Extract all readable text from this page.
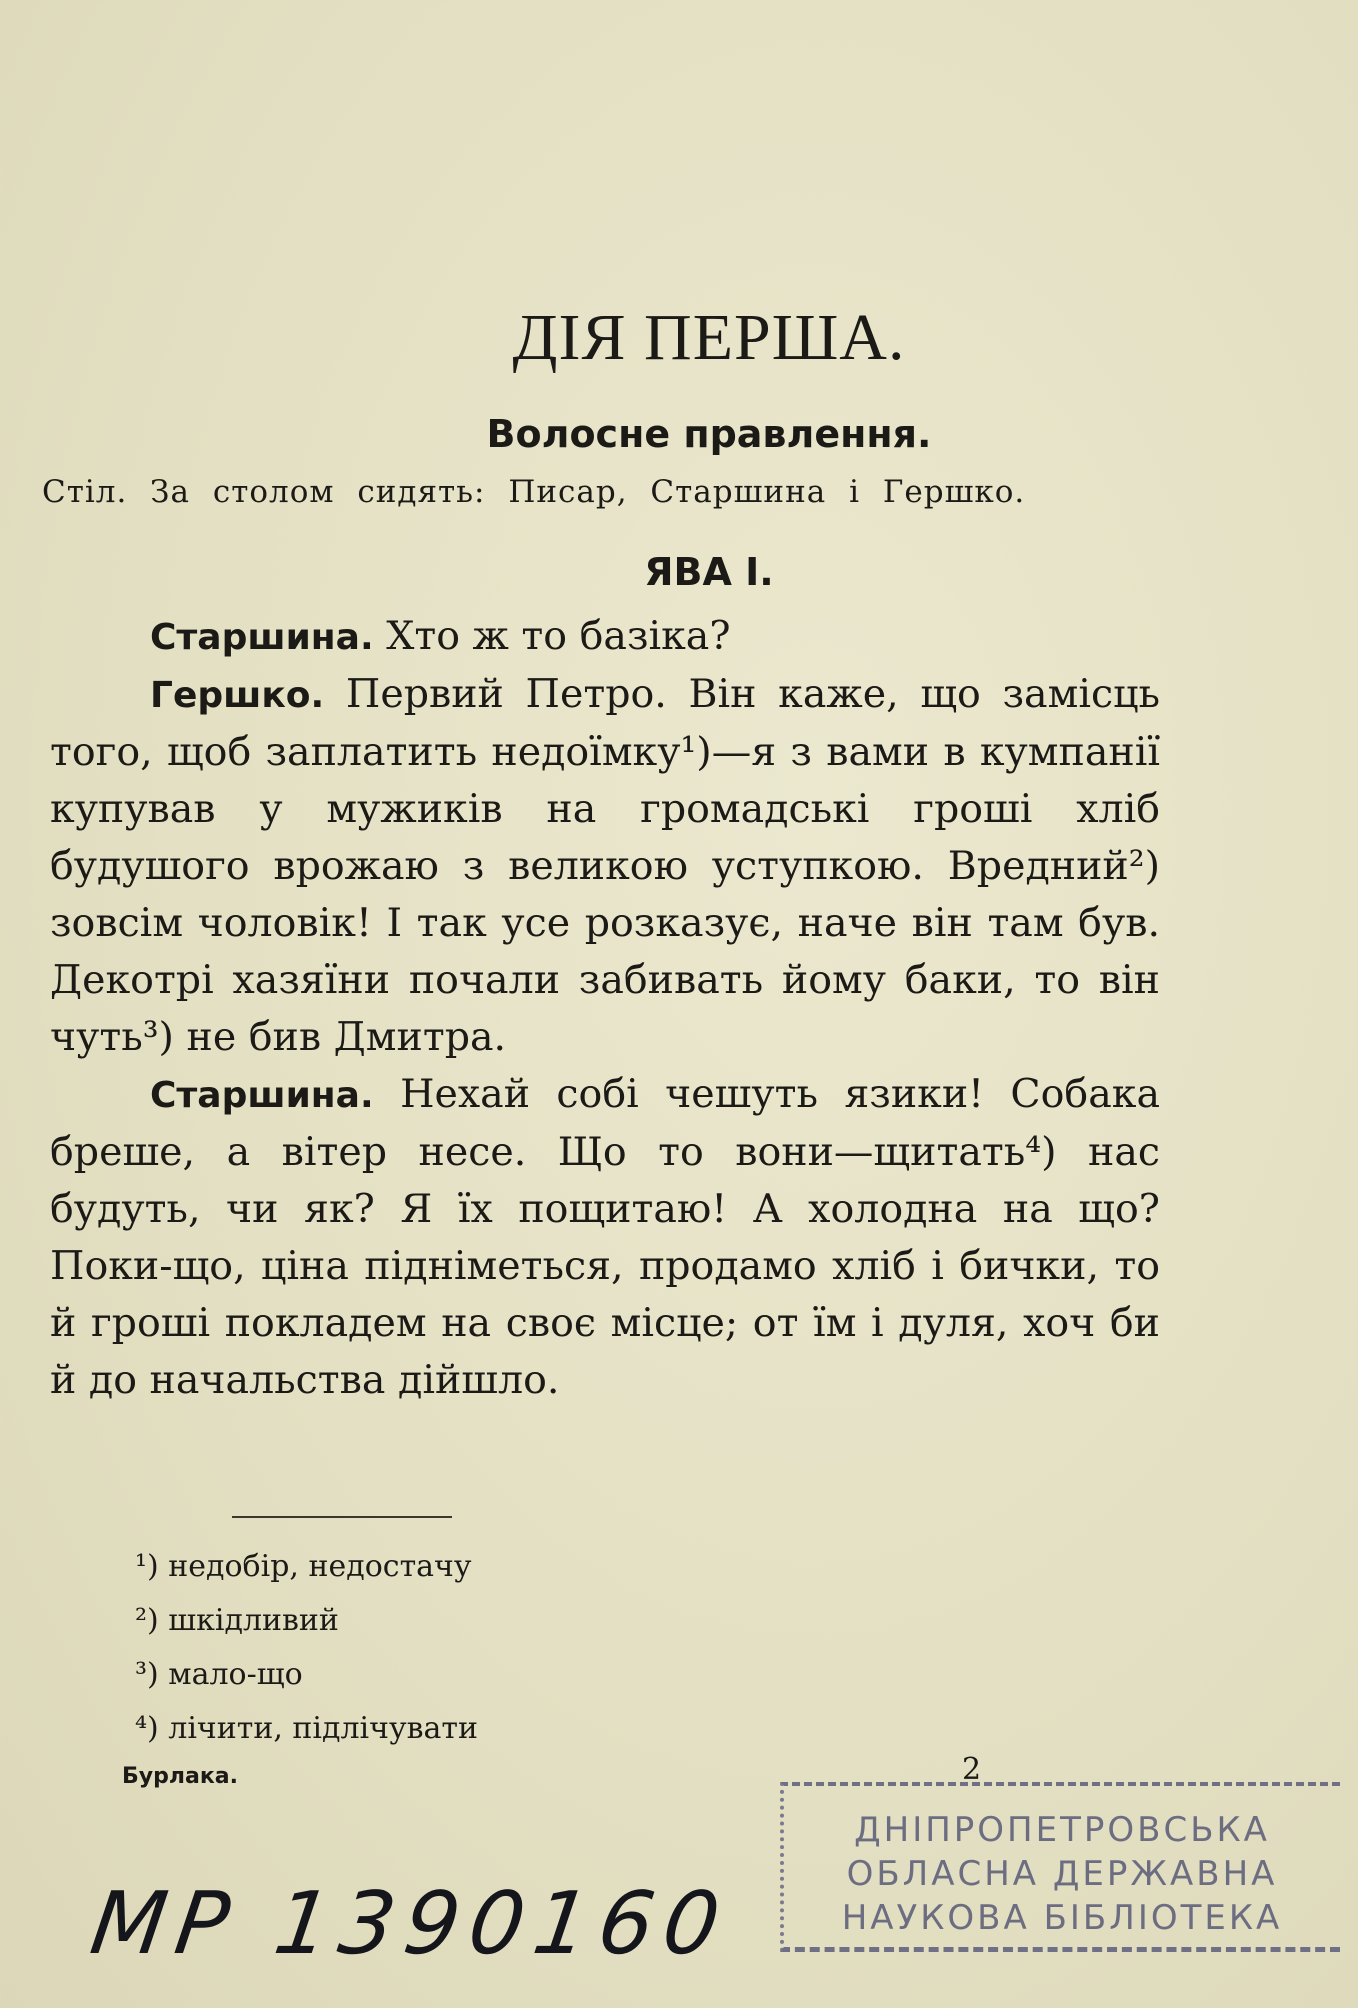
ДІЯ ПЕРША.
Волосне правлення.
Стіл. За столом сидять: Писар, Старшина і Гершко.
ЯВА І.

Старшина. Хто ж то базіка?

Гершко. Первий Петро. Він каже, що замісць того, щоб заплатить недоїмку¹)—я з вами в кумпанії купував у мужиків на громадські гроші хліб будушого врожаю з великою уступкою. Вредний²) зовсім чоловік! І так усе розказує, наче він там був. Декотрі хазяїни почали забивать йому баки, то він чуть³) не бив Дмитра.

Старшина. Нехай собі чешуть язики! Собака бреше, а вітер несе. Що то вони—щитать⁴) нас будуть, чи як? Я їх пощитаю! А холодна на що? Поки-що, ціна підніметься, продамо хліб і бички, то й гроші покладем на своє місце; от їм і дуля, хоч би й до начальства дійшло.

¹) недобір, недостачу
²) шкідливий
³) мало-що
⁴) лічити, підлічувати
Бурлака.	2
ДНІПРОПЕТРОВСЬКА
ОБЛАСНА ДЕРЖАВНА
НАУКОВА БІБЛІОТЕКА
МР 1390160
